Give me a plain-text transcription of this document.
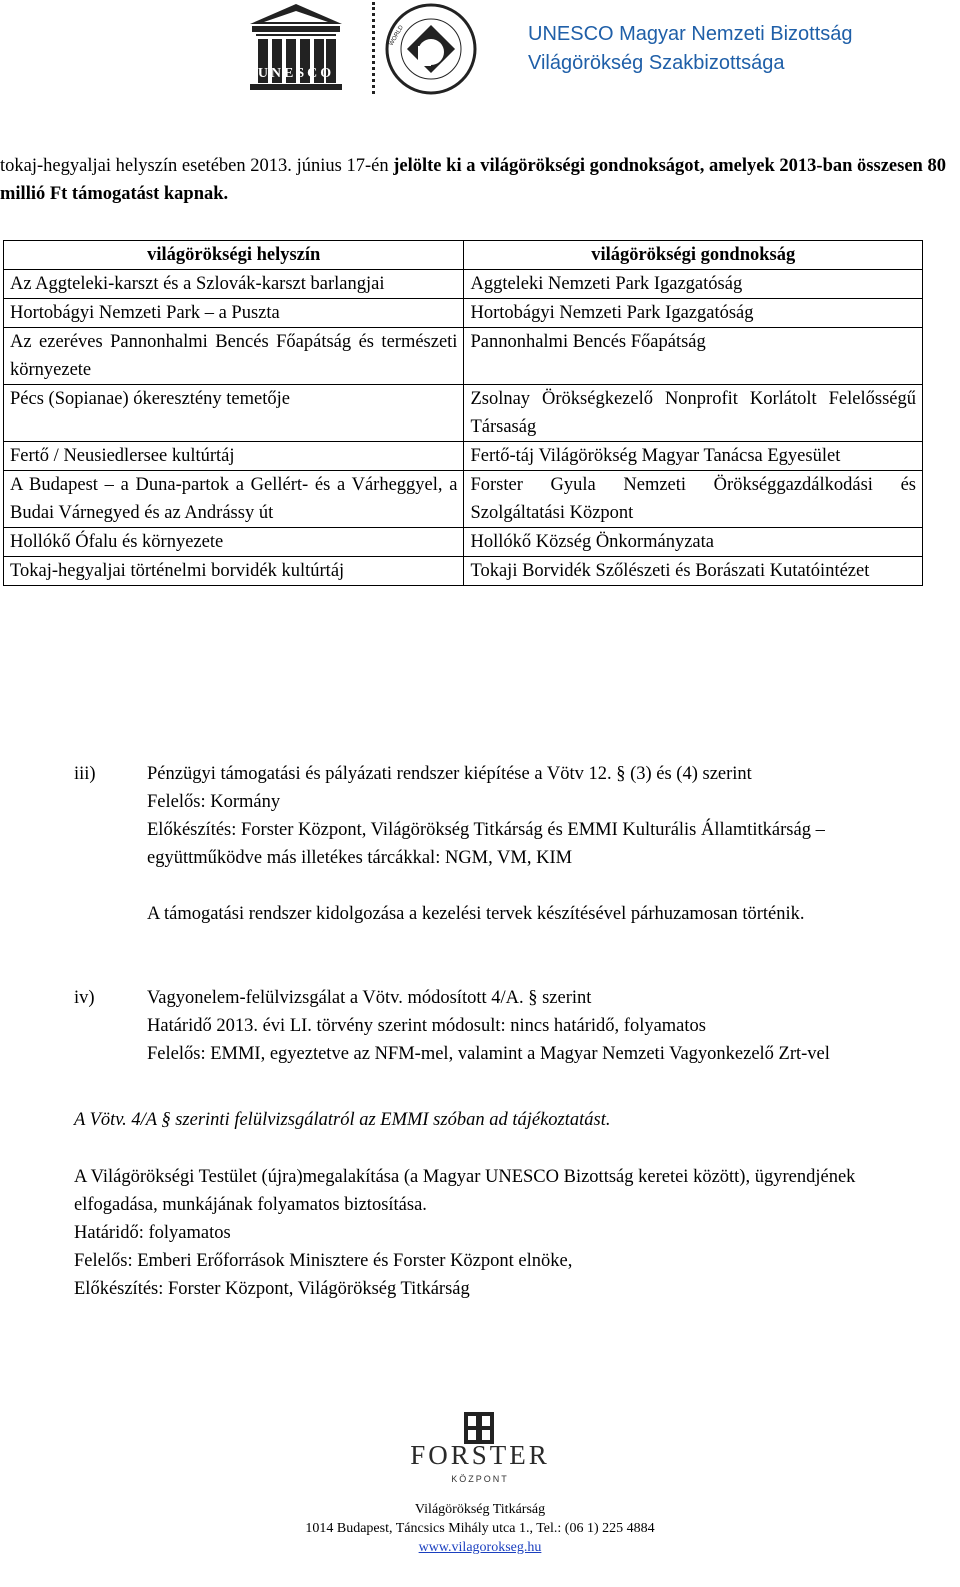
UNESCO
WORLD	UNESCO Magyar Nemzeti Bizottság
Világörökség Szakbizottsága
tokaj-hegyaljai helyszín esetében 2013. június 17-én jelölte ki a világörökségi gondnokságot, amelyek 2013-ban összesen 80 millió Ft támogatást kapnak.
világörökségi helyszín	világörökségi gondnokság
Az Aggteleki-karszt és a Szlovák-karszt barlangjai	Aggteleki Nemzeti Park Igazgatóság
Hortobágyi Nemzeti Park – a Puszta	Hortobágyi Nemzeti Park Igazgatóság
Az ezeréves Pannonhalmi Bencés Főapátság és természeti környezete	Pannonhalmi Bencés Főapátság
Pécs (Sopianae) ókeresztény temetője	Zsolnay Örökségkezelő Nonprofit Korlátolt Felelősségű Társaság
Fertő / Neusiedlersee kultúrtáj	Fertő-táj Világörökség Magyar Tanácsa Egyesület
A Budapest – a Duna-partok a Gellért- és a Várheggyel, a Budai Várnegyed és az Andrássy út	Forster Gyula Nemzeti Örökséggazdálkodási és Szolgáltatási Központ
Hollókő Ófalu és környezete	Hollókő Község Önkormányzata
Tokaj-hegyaljai történelmi borvidék kultúrtáj	Tokaji Borvidék Szőlészeti és Borászati Kutatóintézet
iii)	Pénzügyi támogatási és pályázati rendszer kiépítése a Vötv 12. § (3) és (4) szerint
Felelős: Kormány
Előkészítés: Forster Központ, Világörökség Titkárság és EMMI Kulturális Államtitkárság – együttműködve más illetékes tárcákkal: NGM, VM, KIM
A támogatási rendszer kidolgozása a kezelési tervek készítésével párhuzamosan történik.
iv)	Vagyonelem-felülvizsgálat a Vötv. módosított 4/A. § szerint
Határidő 2013. évi LI. törvény szerint módosult: nincs határidő, folyamatos
Felelős: EMMI, egyeztetve az NFM-mel, valamint a Magyar Nemzeti Vagyonkezelő Zrt-vel
A Vötv. 4/A § szerinti felülvizsgálatról az EMMI szóban ad tájékoztatást.
A Világörökségi Testület (újra)megalakítása (a Magyar UNESCO Bizottság keretei között), ügyrendjének elfogadása, munkájának folyamatos biztosítása.
Határidő: folyamatos
Felelős: Emberi Erőforrások Minisztere és Forster Központ elnöke,
Előkészítés: Forster Központ, Világörökség Titkárság
FORSTER
KÖZPONT
Világörökség Titkárság
1014 Budapest, Táncsics Mihály utca 1., Tel.: (06 1) 225 4884
www.vilagorokseg.hu
